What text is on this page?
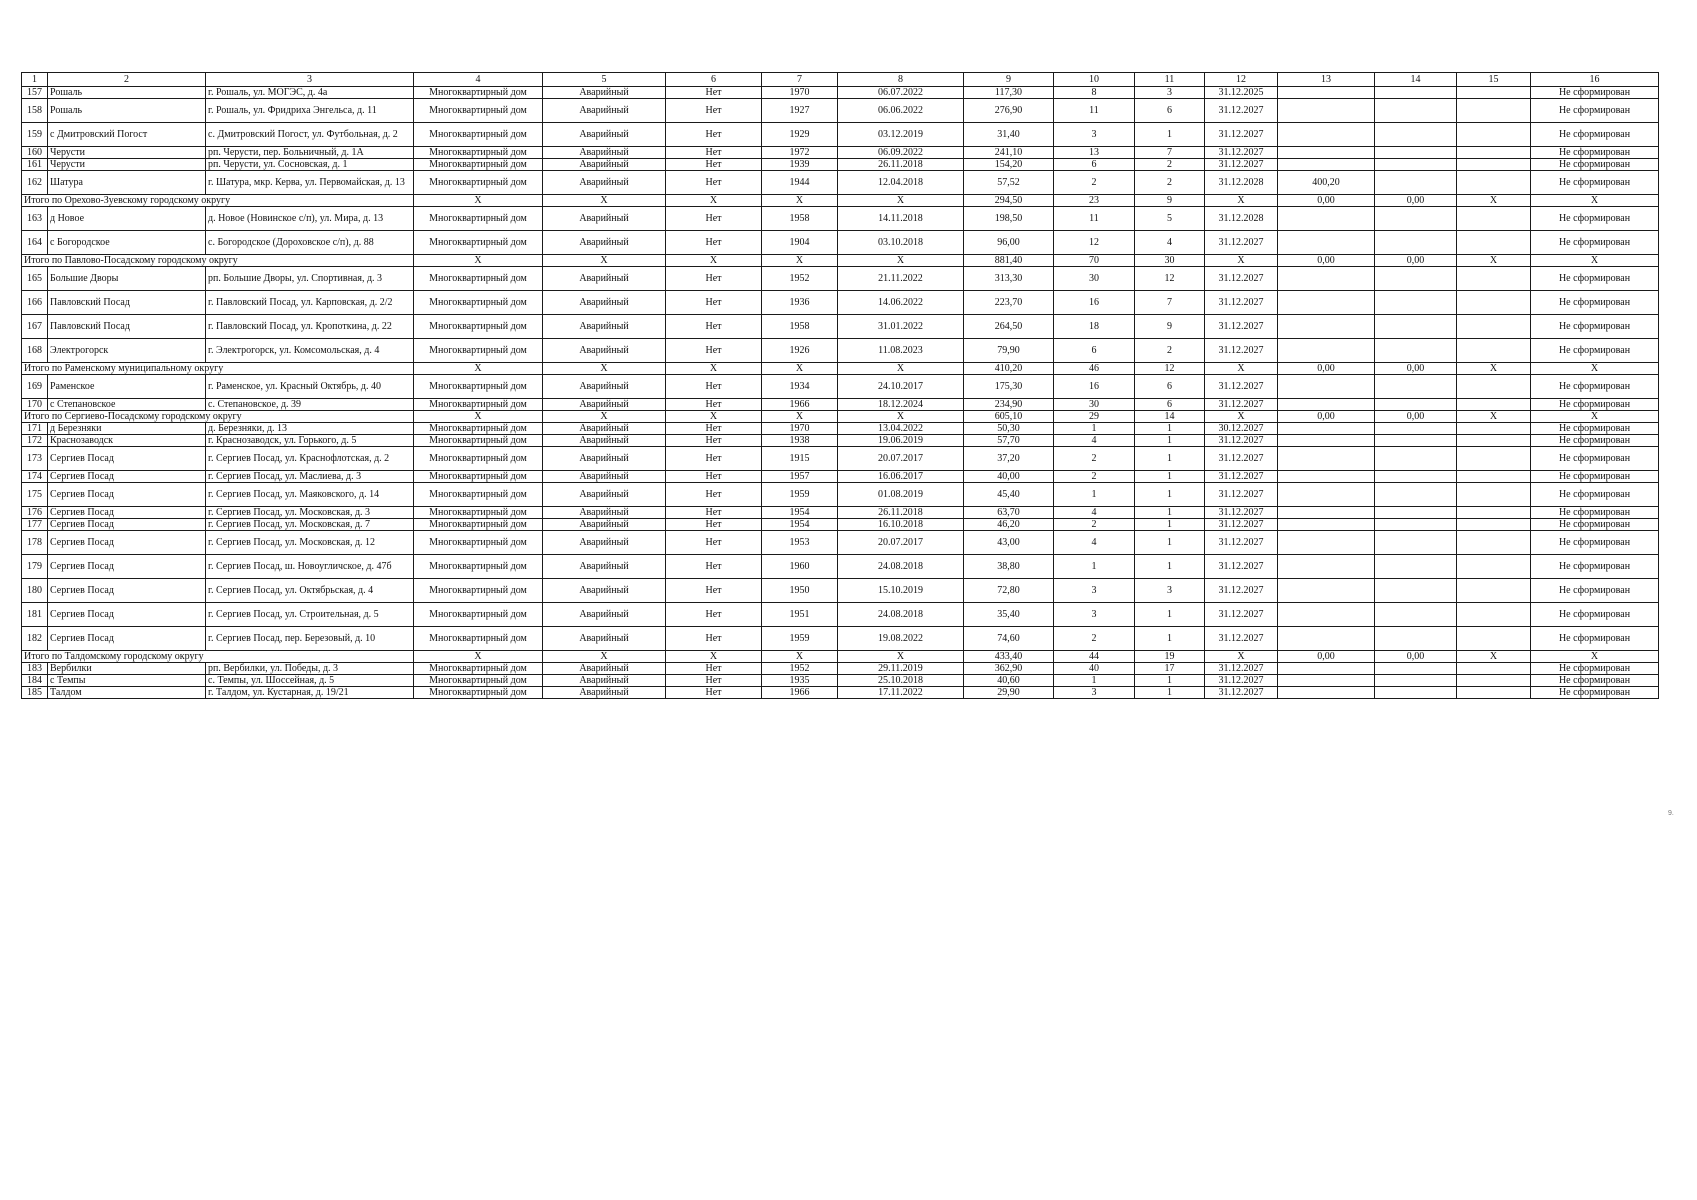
1	2	3	4	5	6	7	8	9	10	11	12	13	14	15	16
157	Рошаль	г. Рошаль, ул. МОГЭС, д. 4а	Многоквартирный дом	Аварийный	Нет	1970	06.07.2022	117,30	8	3	31.12.2025				Не сформирован
158	Рошаль	г. Рошаль, ул. Фридриха Энгельса, д. 11	Многоквартирный дом	Аварийный	Нет	1927	06.06.2022	276,90	11	6	31.12.2027				Не сформирован
159	с Дмитровский Погост	с. Дмитровский Погост, ул. Футбольная, д. 2	Многоквартирный дом	Аварийный	Нет	1929	03.12.2019	31,40	3	1	31.12.2027				Не сформирован
160	Черусти	рп. Черусти, пер. Больничный, д. 1А	Многоквартирный дом	Аварийный	Нет	1972	06.09.2022	241,10	13	7	31.12.2027				Не сформирован
161	Черусти	рп. Черусти, ул. Сосновская, д. 1	Многоквартирный дом	Аварийный	Нет	1939	26.11.2018	154,20	6	2	31.12.2027				Не сформирован
162	Шатура	г. Шатура, мкр. Керва, ул. Первомайская, д. 13	Многоквартирный дом	Аварийный	Нет	1944	12.04.2018	57,52	2	2	31.12.2028	400,20			Не сформирован
Итого по Орехово-Зуевскому городскому округу			X	X	X	X	X	294,50	23	9	X	0,00	0,00	X	X
163	д Новое	д. Новое (Новинское с/п), ул. Мира, д. 13	Многоквартирный дом	Аварийный	Нет	1958	14.11.2018	198,50	11	5	31.12.2028				Не сформирован
164	с Богородское	с. Богородское (Дороховское с/п), д. 88	Многоквартирный дом	Аварийный	Нет	1904	03.10.2018	96,00	12	4	31.12.2027				Не сформирован
Итого по Павлово-Посадскому городскому округу			X	X	X	X	X	881,40	70	30	X	0,00	0,00	X	X
165	Большие Дворы	рп. Большие Дворы, ул. Спортивная, д. 3	Многоквартирный дом	Аварийный	Нет	1952	21.11.2022	313,30	30	12	31.12.2027				Не сформирован
166	Павловский Посад	г. Павловский Посад, ул. Карповская, д. 2/2	Многоквартирный дом	Аварийный	Нет	1936	14.06.2022	223,70	16	7	31.12.2027				Не сформирован
167	Павловский Посад	г. Павловский Посад, ул. Кропоткина, д. 22	Многоквартирный дом	Аварийный	Нет	1958	31.01.2022	264,50	18	9	31.12.2027				Не сформирован
168	Электрогорск	г. Электрогорск, ул. Комсомольская, д. 4	Многоквартирный дом	Аварийный	Нет	1926	11.08.2023	79,90	6	2	31.12.2027				Не сформирован
Итого по Раменскому муниципальному округу			X	X	X	X	X	410,20	46	12	X	0,00	0,00	X	X
169	Раменское	г. Раменское, ул. Красный Октябрь, д. 40	Многоквартирный дом	Аварийный	Нет	1934	24.10.2017	175,30	16	6	31.12.2027				Не сформирован
170	с Степановское	с. Степановское, д. 39	Многоквартирный дом	Аварийный	Нет	1966	18.12.2024	234,90	30	6	31.12.2027				Не сформирован
Итого по Сергиево-Посадскому городскому округу			X	X	X	X	X	605,10	29	14	X	0,00	0,00	X	X
171	д Березняки	д. Березняки, д. 13	Многоквартирный дом	Аварийный	Нет	1970	13.04.2022	50,30	1	1	30.12.2027				Не сформирован
172	Краснозаводск	г. Краснозаводск, ул. Горького, д. 5	Многоквартирный дом	Аварийный	Нет	1938	19.06.2019	57,70	4	1	31.12.2027				Не сформирован
173	Сергиев Посад	г. Сергиев Посад, ул. Краснофлотская, д. 2	Многоквартирный дом	Аварийный	Нет	1915	20.07.2017	37,20	2	1	31.12.2027				Не сформирован
174	Сергиев Посад	г. Сергиев Посад, ул. Маслиева, д. 3	Многоквартирный дом	Аварийный	Нет	1957	16.06.2017	40,00	2	1	31.12.2027				Не сформирован
175	Сергиев Посад	г. Сергиев Посад, ул. Маяковского, д. 14	Многоквартирный дом	Аварийный	Нет	1959	01.08.2019	45,40	1	1	31.12.2027				Не сформирован
176	Сергиев Посад	г. Сергиев Посад, ул. Московская, д. 3	Многоквартирный дом	Аварийный	Нет	1954	26.11.2018	63,70	4	1	31.12.2027				Не сформирован
177	Сергиев Посад	г. Сергиев Посад, ул. Московская, д. 7	Многоквартирный дом	Аварийный	Нет	1954	16.10.2018	46,20	2	1	31.12.2027				Не сформирован
178	Сергиев Посад	г. Сергиев Посад, ул. Московская, д. 12	Многоквартирный дом	Аварийный	Нет	1953	20.07.2017	43,00	4	1	31.12.2027				Не сформирован
179	Сергиев Посад	г. Сергиев Посад, ш. Новоугличское, д. 47б	Многоквартирный дом	Аварийный	Нет	1960	24.08.2018	38,80	1	1	31.12.2027				Не сформирован
180	Сергиев Посад	г. Сергиев Посад, ул. Октябрьская, д. 4	Многоквартирный дом	Аварийный	Нет	1950	15.10.2019	72,80	3	3	31.12.2027				Не сформирован
181	Сергиев Посад	г. Сергиев Посад, ул. Строительная, д. 5	Многоквартирный дом	Аварийный	Нет	1951	24.08.2018	35,40	3	1	31.12.2027				Не сформирован
182	Сергиев Посад	г. Сергиев Посад, пер. Березовый, д. 10	Многоквартирный дом	Аварийный	Нет	1959	19.08.2022	74,60	2	1	31.12.2027				Не сформирован
Итого по Талдомскому городскому округу			X	X	X	X	X	433,40	44	19	X	0,00	0,00	X	X
183	Вербилки	рп. Вербилки, ул. Победы, д. 3	Многоквартирный дом	Аварийный	Нет	1952	29.11.2019	362,90	40	17	31.12.2027				Не сформирован
184	с Темпы	с. Темпы, ул. Шоссейная, д. 5	Многоквартирный дом	Аварийный	Нет	1935	25.10.2018	40,60	1	1	31.12.2027				Не сформирован
185	Талдом	г. Талдом, ул. Кустарная, д. 19/21	Многоквартирный дом	Аварийный	Нет	1966	17.11.2022	29,90	3	1	31.12.2027				Не сформирован
9.
